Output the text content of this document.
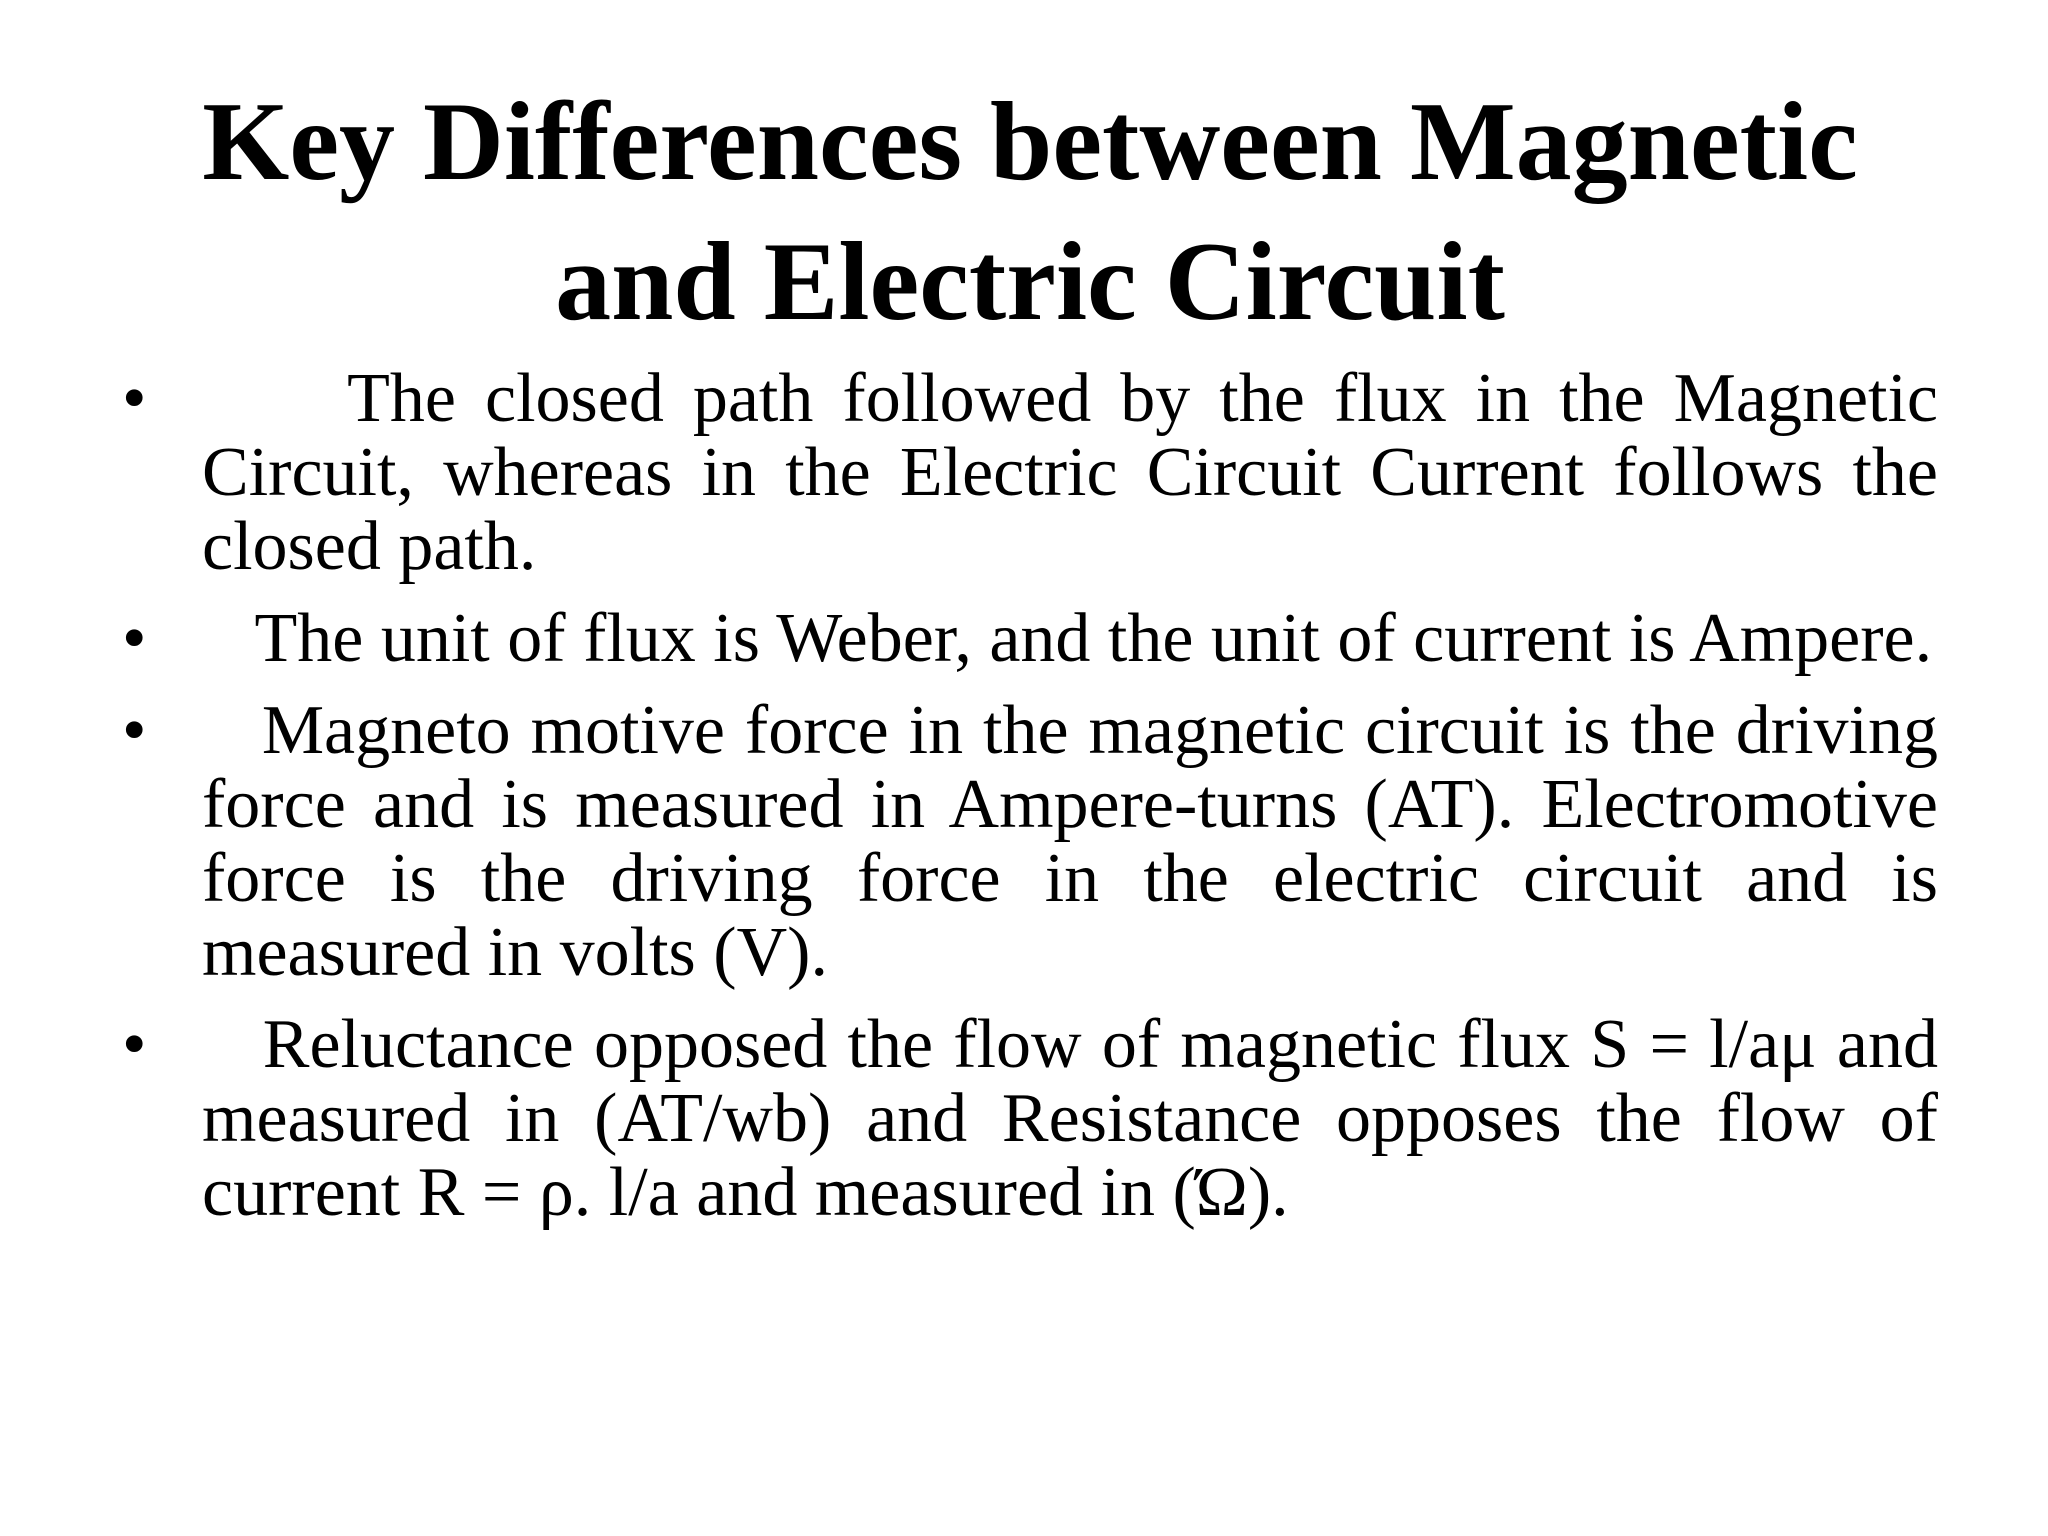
Key Differences between Magnetic
and Electric Circuit
• The closed path followed by the flux in the Magnetic Circuit, whereas in the Electric Circuit Current follows the closed path.
• The unit of flux is Weber, and the unit of current is Ampere.
• Magneto motive force in the magnetic circuit is the driving force and is measured in Ampere-turns (AT). Electromotive force is the driving force in the electric circuit and is measured in volts (V).
• Reluctance opposed the flow of magnetic flux S = l/aμ and measured in (AT/wb) and Resistance opposes the flow of current R = ρ. l/a and measured in (Ώ).
